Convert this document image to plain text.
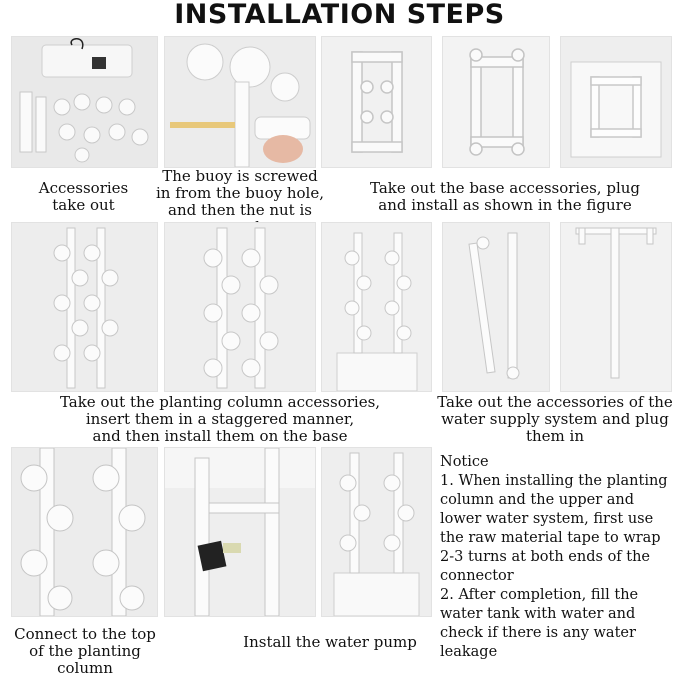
INSTALLATION STEPS
Accessories
take out
The buoy is screwed
in from the buoy hole,
and then the nut is
Take out the base accessories, plug
and install as shown in the figure
Take out the planting column accessories,
insert them in a staggered manner,
and then install them on the base
Take out the accessories of the
water supply system and plug
them in
Connect to the top
of the planting column
Install the water pump
Notice
1. When installing the planting column and the upper and lower water system, first use the raw material tape to wrap 2-3 turns at both ends of the connector
2. After completion, fill the water tank with water and check if there is any water leakage
